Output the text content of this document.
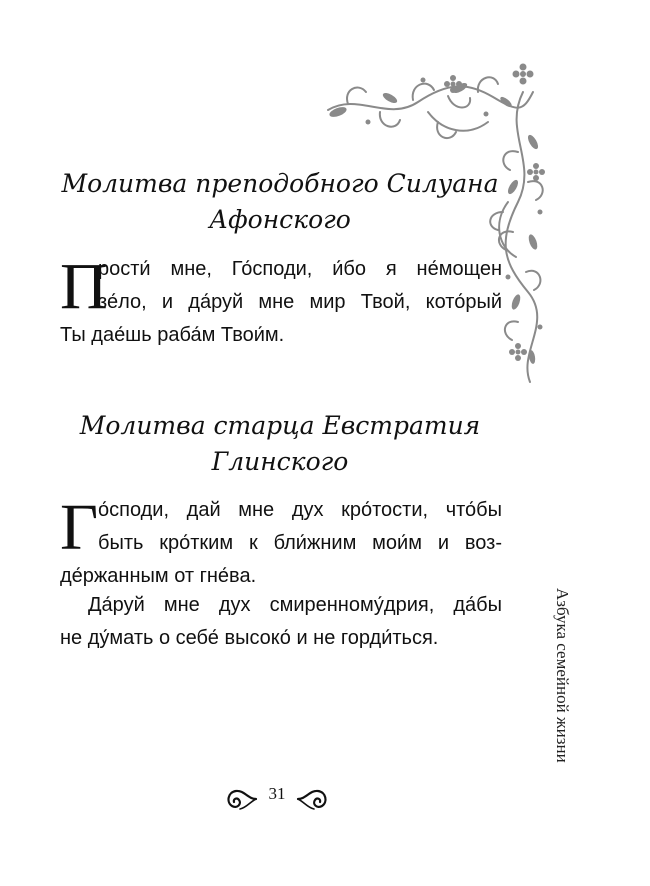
Молитва преподобного Силуана
Афонского
П
рости́ мне, Го́споди, и́бо я не́мощен
зе́ло, и да́руй мне мир Твой, кото́рый
Ты дае́шь раба́м Твои́м.
Молитва старца Евстратия
Глинского
Г о́споди, дай мне дух кро́тости, что́бы
быть кро́тким к бли́жним мои́м и воз-
де́ржанным от гне́ва.
Да́руй мне дух смиренному́дрия, да́бы
не ду́мать о себе́ высоко́ и не горди́ться.	Азбука семейной жизни
31
